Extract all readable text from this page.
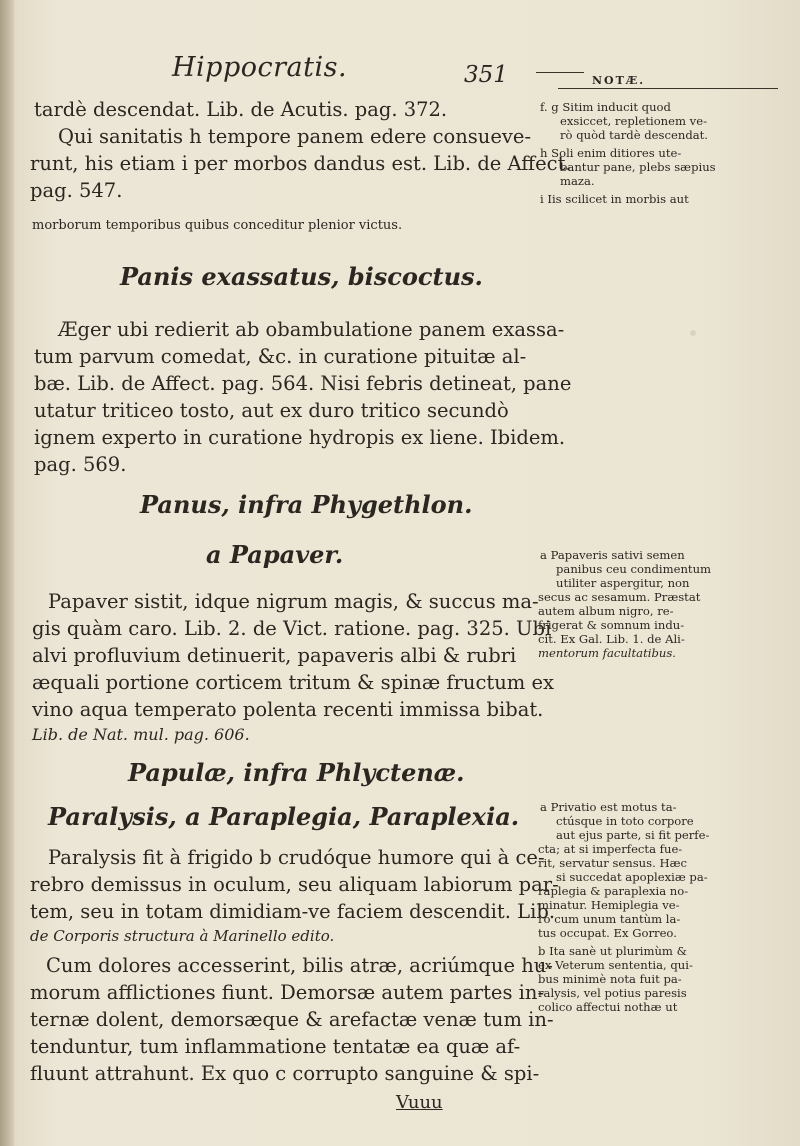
Hippocratis.	351
tardè descendat. Lib. de Acutis. pag. 372.
Qui sanitatis h tempore panem edere consueve-
runt, his etiam i per morbos dandus est. Lib. de Affect.
pag. 547.
morborum temporibus quibus conceditur plenior victus.
Panis exassatus, biscoctus.
Æger ubi redierit ab obambulatione panem exassa-
tum parvum comedat, &c. in curatione pituitæ al-
bæ. Lib. de Affect. pag. 564. Nisi febris detineat, pane
utatur triticeo tosto, aut ex duro tritico secundò
ignem experto in curatione hydropis ex liene. Ibidem.
pag. 569.
Panus, infra Phygethlon.
a Papaver.
Papaver sistit, idque nigrum magis, & succus ma-
gis quàm caro. Lib. 2. de Vict. ratione. pag. 325. Ubi
alvi profluvium detinuerit, papaveris albi & rubri
æquali portione corticem tritum & spinæ fructum ex
vino aqua temperato polenta recenti immissa bibat.
Lib. de Nat. mul. pag. 606.
Papulæ, infra Phlyctenæ.
Paralysis, a Paraplegia, Paraplexia.
Paralysis fit à frigido b crudóque humore qui à ce-
rebro demissus in oculum, seu aliquam labiorum par-
tem, seu in totam dimidiam-ve faciem descendit. Lib.
de Corporis structura à Marinello edito.
Cum dolores accesserint, bilis atræ, acriúmque hu-
morum afflictiones fiunt. Demorsæ autem partes in-
ternæ dolent, demorsæque & arefactæ venæ tum in-
tenduntur, tum inflammatione tentatæ ea quæ af-
fluunt attrahunt. Ex quo c corrupto sanguine & spi-
Vuuu
NOTÆ.
f. g Sitim inducit quod
exsiccet, repletionem ve-
rò quòd tardè descendat.
h Soli enim ditiores ute-
bantur pane, plebs sæpius
maza.
i Iis scilicet in morbis aut
a Papaveris sativi semen
panibus ceu condimentum
utiliter aspergitur, non
secus ac sesamum. Præstat
autem album nigro, re-
frigerat & somnum indu-
cit. Ex Gal. Lib. 1. de Ali-
mentorum facultatibus.
a Privatio est motus ta-
ctúsque in toto corpore
aut ejus parte, si fit perfe-
cta; at si imperfecta fue-
rit, servatur sensus. Hæc
si succedat apoplexiæ pa-
raplegia & paraplexia no-
minatur. Hemiplegia ve-
rò cum unum tantùm la-
tus occupat. Ex Gorreo.
b Ita sanè ut plurimùm &
ex Veterum sententia, qui-
bus minimè nota fuit pa-
ralysis, vel potius paresis
colico affectui nothæ ut
